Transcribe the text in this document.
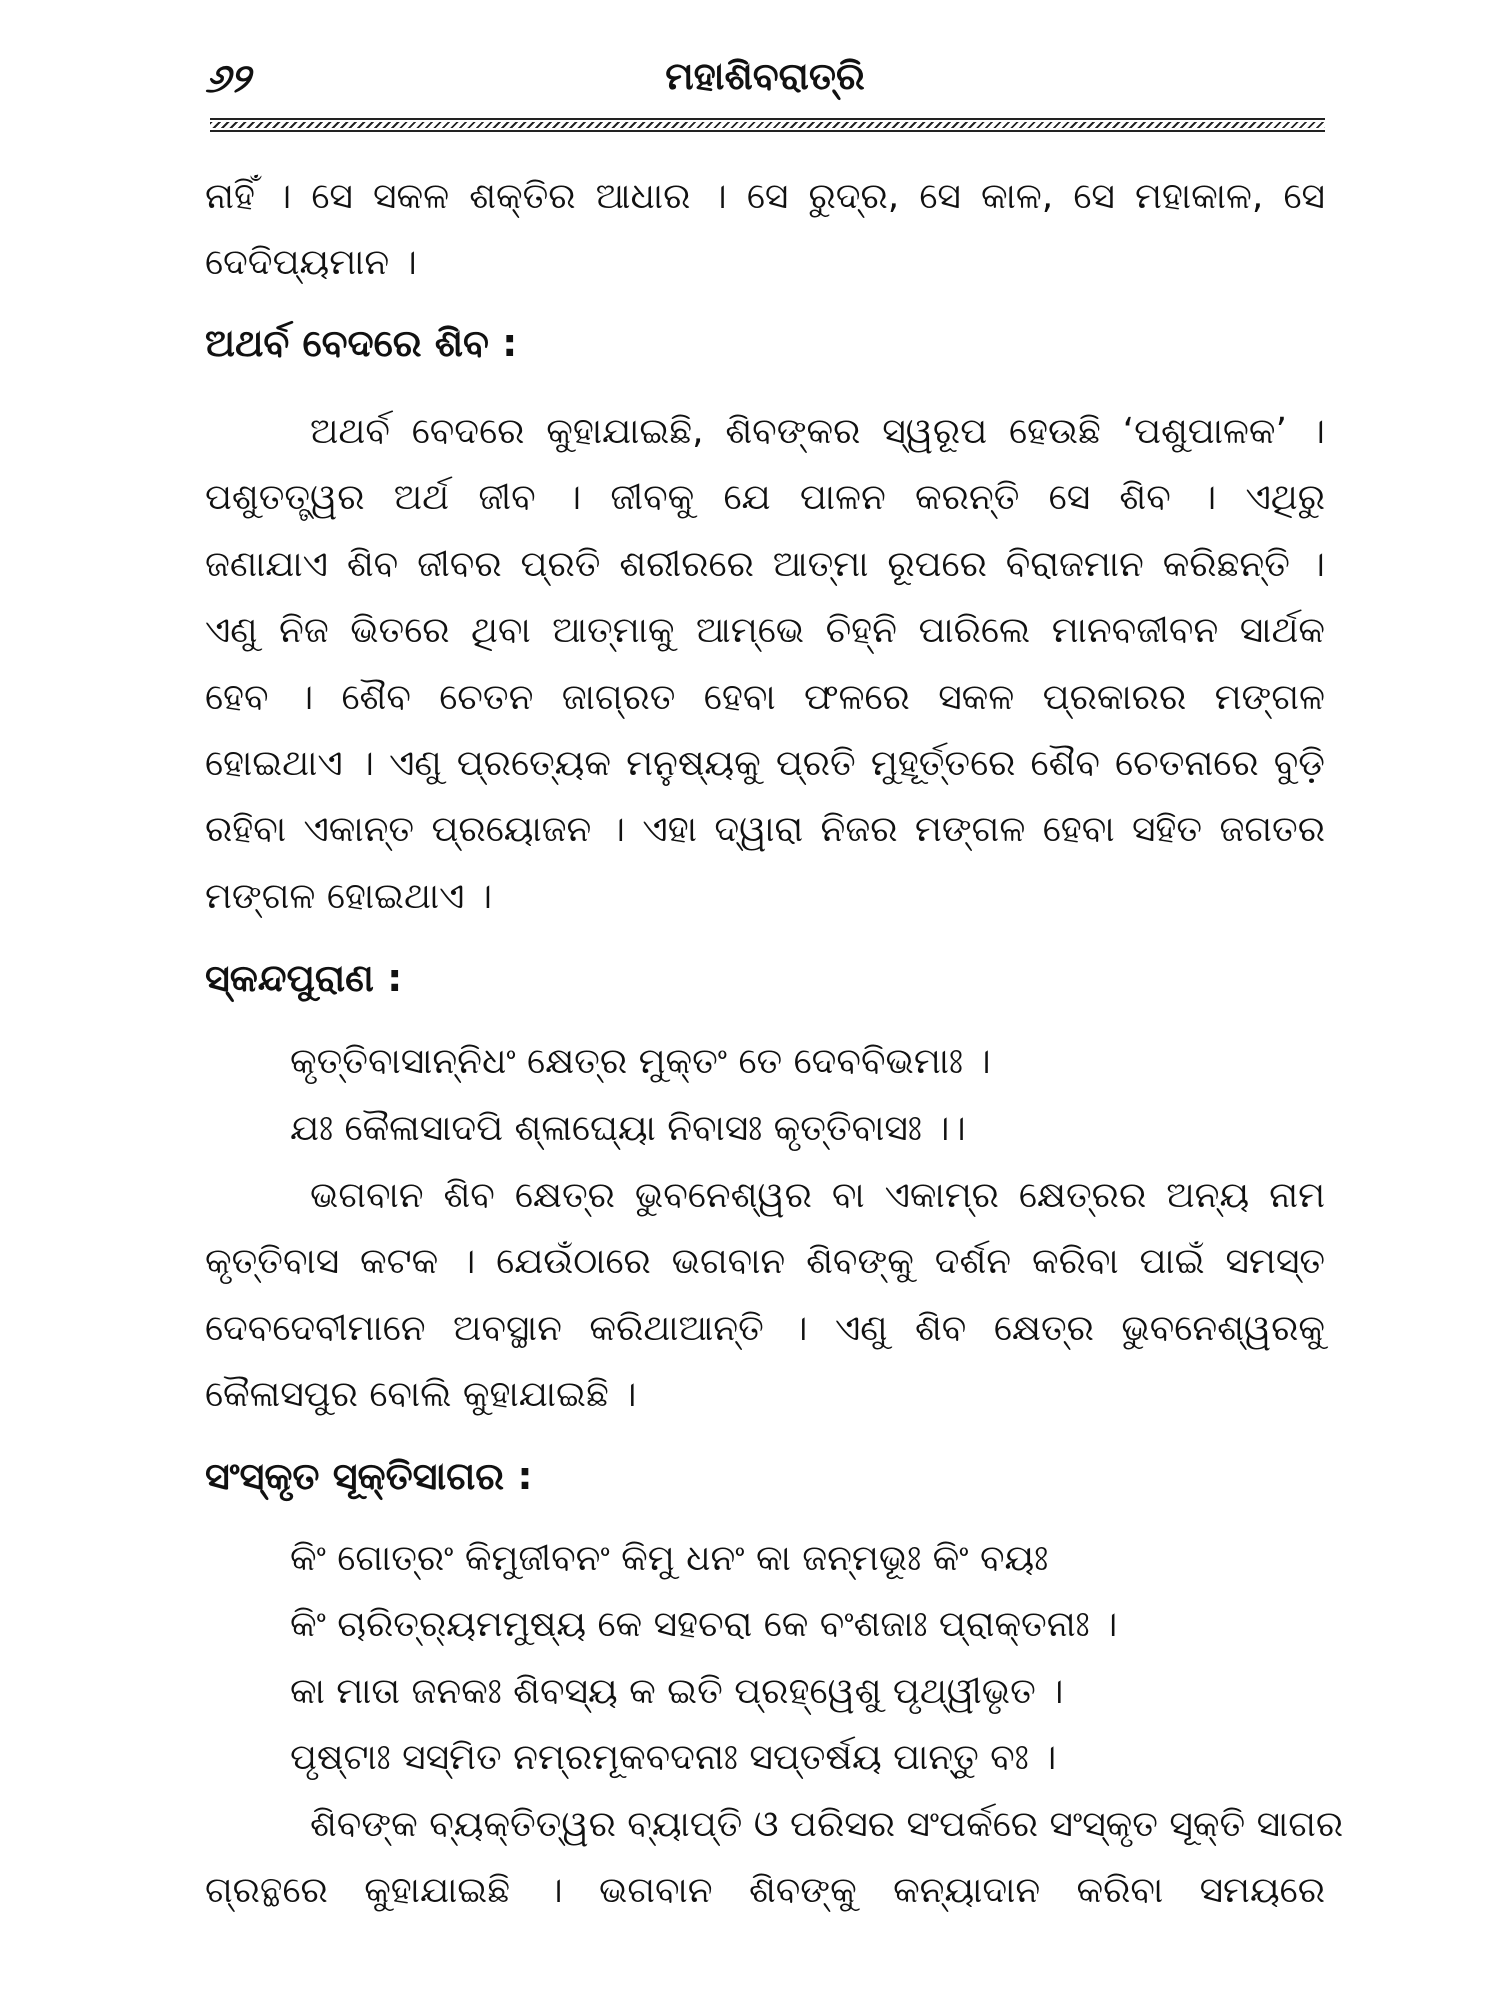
୬୨	ମହାଶିବରାତ୍ରି
ନାହିଁ । ସେ ସକଳ ଶକ୍ତିର ଆଧାର । ସେ ରୁଦ୍ର, ସେ କାଳ, ସେ ମହାକାଳ, ସେ
ଦେଦିପ୍ୟମାନ ।
ଅଥର୍ବ ବେଦରେ ଶିବ :
ଅଥର୍ବ ବେଦରେ କୁହାଯାଇଛି, ଶିବଙ୍କର ସ୍ୱରୂପ ହେଉଛି ‘ପଶୁପାଳକ’ ।
ପଶୁତତ୍ତ୍ୱର ଅର୍ଥ ଜୀବ । ଜୀବକୁ ଯେ ପାଳନ କରନ୍ତି ସେ ଶିବ । ଏଥିରୁ
ଜଣାଯାଏ ଶିବ ଜୀବର ପ୍ରତି ଶରୀରରେ ଆତ୍ମା ରୂପରେ ବିରାଜମାନ କରିଛନ୍ତି ।
ଏଣୁ ନିଜ ଭିତରେ ଥିବା ଆତ୍ମାକୁ ଆମ୍ଭେ ଚିହ୍ନି ପାରିଲେ ମାନବଜୀବନ ସାର୍ଥକ
ହେବ । ଶୈବ ଚେତନ ଜାଗ୍ରତ ହେବା ଫଳରେ ସକଳ ପ୍ରକାରର ମଙ୍ଗଳ
ହୋଇଥାଏ । ଏଣୁ ପ୍ରତ୍ୟେକ ମନୁଷ୍ୟକୁ ପ୍ରତି ମୁହୂର୍ତ୍ତରେ ଶୈବ ଚେତନାରେ ବୁଡ଼ି
ରହିବା ଏକାନ୍ତ ପ୍ରୟୋଜନ । ଏହା ଦ୍ୱାରା ନିଜର ମଙ୍ଗଳ ହେବା ସହିତ ଜଗତର
ମଙ୍ଗଳ ହୋଇଥାଏ ।
ସ୍କନ୍ଦପୁରାଣ :
କୃତ୍ତିବାସାନ୍ନିଧଂ କ୍ଷେତ୍ର ମୁକ୍ତଂ ତେ ଦେବବିଭମାଃ ।
ଯଃ କୈଳାସାଦପି ଶ୍ଳାଘ୍ୟୋ ନିବାସଃ କୃତ୍ତିବାସଃ ।।
ଭଗବାନ ଶିବ କ୍ଷେତ୍ର ଭୁବନେଶ୍ୱର ବା ଏକାମ୍ର କ୍ଷେତ୍ରର ଅନ୍ୟ ନାମ
କୃତ୍ତିବାସ କଟକ । ଯେଉଁଠାରେ ଭଗବାନ ଶିବଙ୍କୁ ଦର୍ଶନ କରିବା ପାଇଁ ସମସ୍ତ
ଦେବଦେବୀମାନେ ଅବସ୍ଥାନ କରିଥାଆନ୍ତି । ଏଣୁ ଶିବ କ୍ଷେତ୍ର ଭୁବନେଶ୍ୱରକୁ
କୈଳାସପୁର ବୋଲି କୁହାଯାଇଛି ।
ସଂସ୍କୃତ ସୂକ୍ତିସାଗର :
କିଂ ଗୋତ୍ରଂ କିମୁଜୀବନଂ କିମୁ ଧନଂ କା ଜନ୍ମଭୂଃ କିଂ ବୟଃ
କିଂ ଚାରିତ୍ର୍ୟମମୁଷ୍ୟ କେ ସହଚରା କେ ବଂଶଜାଃ ପ୍ରାକ୍ତନାଃ ।
କା ମାତା ଜନକଃ ଶିବସ୍ୟ କ ଇତି ପ୍ରହ୍ୱେଶୁ ପୃଥ୍ୱୀଭୃତ ।
ପୃଷ୍ଟାଃ ସସ୍ମିତ ନମ୍ରମୂକବଦନାଃ ସପ୍ତର୍ଷୟ ପାନ୍ତୁ ବଃ ।
ଶିବଙ୍କ ବ୍ୟକ୍ତିତ୍ୱର ବ୍ୟାପ୍ତି ଓ ପରିସର ସଂପର୍କରେ ସଂସ୍କୃତ ସୂକ୍ତି ସାଗର
ଗ୍ରନ୍ଥରେ କୁହାଯାଇଛି । ଭଗବାନ ଶିବଙ୍କୁ କନ୍ୟାଦାନ କରିବା ସମୟରେ
